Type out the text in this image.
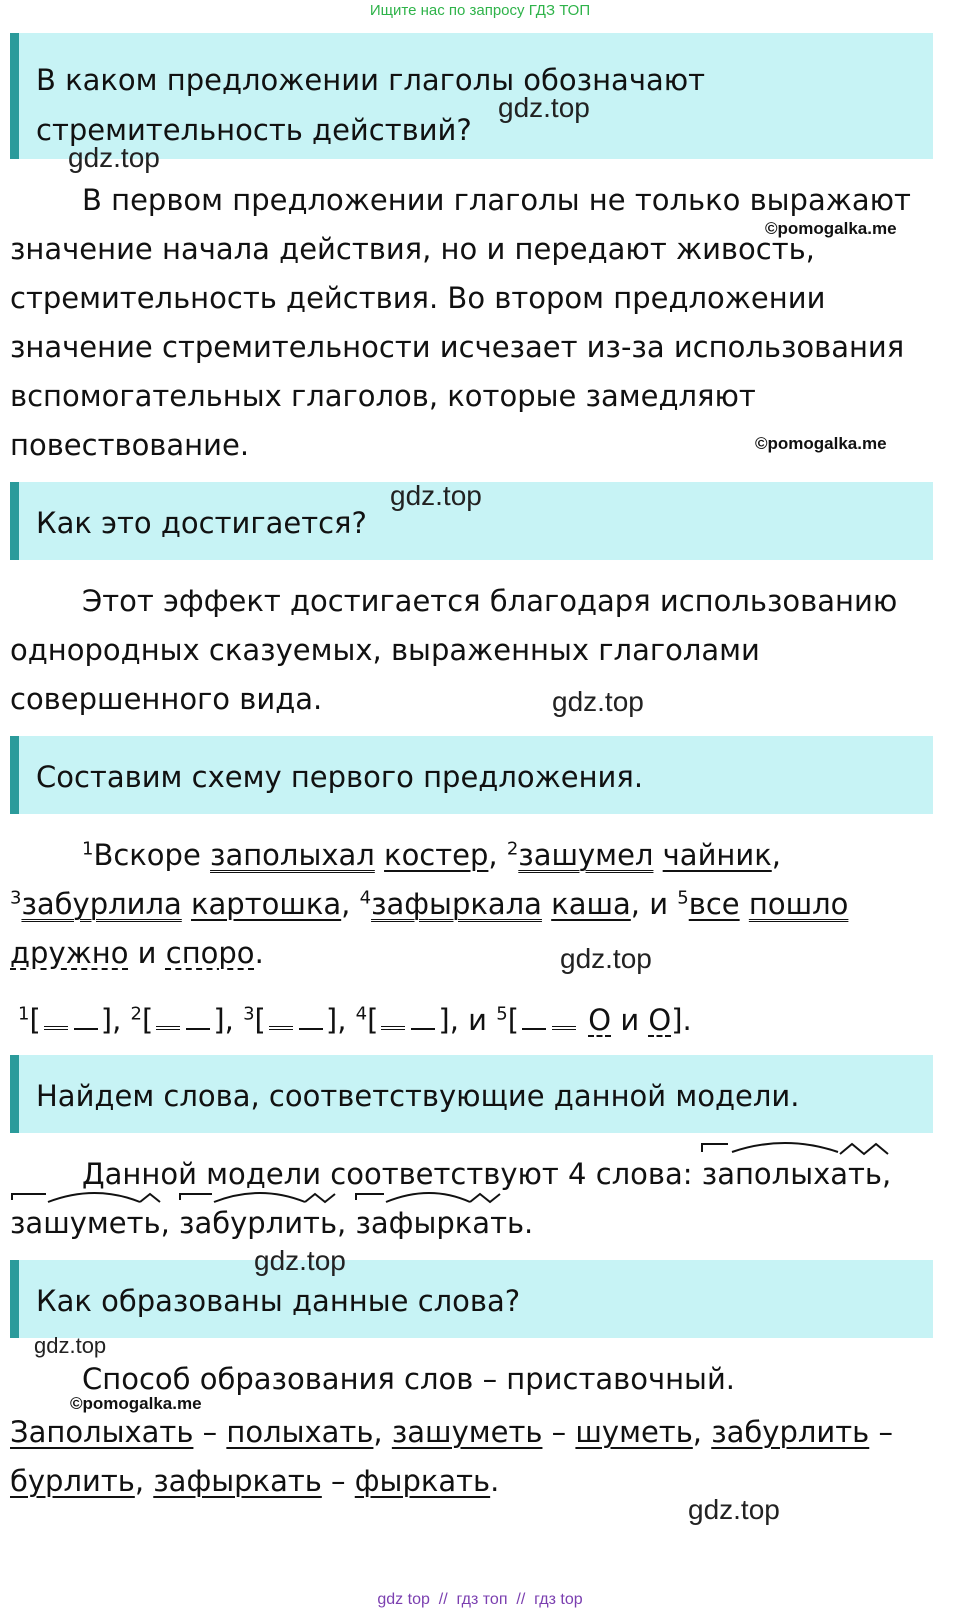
Ищите нас по запросу ГДЗ ТОП
В каком предложении глаголы обозначают
стремительность действий?
В первом предложении глаголы не только выражают значение начала действия, но и передают живость, стремительность действия. Во втором предложении значение стремительности исчезает из-за использования вспомогательных глаголов, которые замедляют повествование.
Как это достигается?
Этот эффект достигается благодаря использованию однородных сказуемых, выраженных глаголами совершенного вида.
Составим схему первого предложения.
$^1$Вскоре заполыхал костер, $^2$зашумел чайник, $^3$забурлила картошка, $^4$зафыркала каша, и $^5$все пошло дружно и споро.
$^1$[ ], $^2$[ ], $^3$[ ], $^4$[ ], и $^5$[ О и О].
Найдем слова, соответствующие данной модели.
Данной модели соответствуют 4 слова: заполыхать, зашуметь, забурлить, зафыркать.
Как образованы данные слова?
Способ образования слов – приставочный.
Заполыхать – полыхать, зашуметь – шуметь, забурлить – бурлить, зафыркать – фыркать.
gdz.top
gdz.top
©pomogalka.me
©pomogalka.me
gdz.top
gdz.top
gdz.top
gdz.top
gdz.top
©pomogalka.me
gdz.top
gdz top  //  гдз топ  //  гдз top
